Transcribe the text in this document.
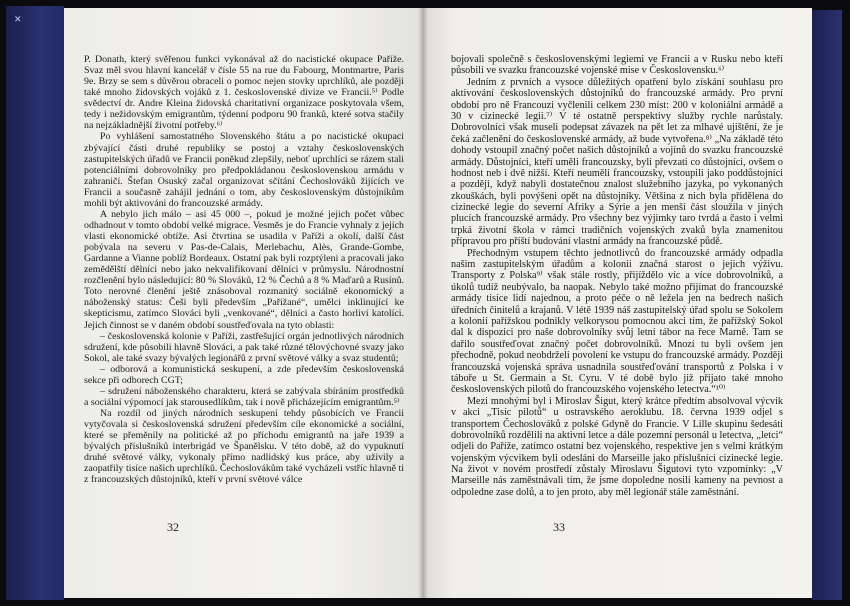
✕

P. Donath, který svěřenou funkci vykonával až do nacistické okupace Paříže. Svaz měl svou hlavní kancelář v čísle 55 na rue du Fabourg, Montmartre, Paris 9e. Brzy se sem s důvěrou obraceli o pomoc nejen stovky uprchlíků, ale později také mnoho židovských vojáků z 1. československé divize ve Francii.⁵⁾ Podle svědectví dr. Andre Kleina židovská charitativní organizace poskytovala všem, tedy i nežidovským emigrantům, týdenní podporu 90 franků, které sotva stačily na nejzákladnější životní potřeby.⁶⁾

Po vyhlášení samostatného Slovenského štátu a po nacistické okupaci zbývající části druhé republiky se postoj a vztahy československých zastupitelských úřadů ve Francii poněkud zlepšily, neboť uprchlíci se rázem stali potenciálními dobrovolníky pro předpokládanou československou armádu v zahraničí. Štefan Osuský začal organizovat sčítání Čechoslováků žijících ve Francii a současně zahájil jednání o tom, aby československým důstojníkům mohli být aktivováni do francouzské armády.

A nebylo jich málo – asi 45 000 –, pokud je možné jejich počet vůbec odhadnout v tomto období velké migrace. Vesměs je do Francie vyhnaly z jejich vlasti ekonomické obtíže. Asi čtvrtina se usadila v Paříži a okolí, další část pobývala na severu v Pas-de-Calais, Merlebachu, Alès, Grande-Gombe, Gardanne a Vianne poblíž Bordeaux. Ostatní pak byli rozptýleni a pracovali jako zemědělští dělníci nebo jako nekvalifikovaní dělníci v průmyslu. Národnostní rozčlenění bylo následující: 80 % Slováků, 12 % Čechů a 8 % Maďarů a Rusínů. Toto nerovné členění ještě znásoboval rozmanitý sociálně ekonomický a náboženský status: Češi byli především „Pařížané“, umělci inklinující ke skepticismu, zatímco Slováci byli „venkované“, dělníci a často horliví katolíci. Jejich činnost se v daném období soustřeďovala na tyto oblasti:

– československá kolonie v Paříži, zastřešující orgán jednotlivých národních sdružení, kde působili hlavně Slováci, a pak také různé tělovýchovné svazy jako Sokol, ale také svazy bývalých legionářů z první světové války a svaz studentů;

– odborová a komunistická seskupení, a zde především československá sekce při odborech CGT;

– sdružení náboženského charakteru, která se zabývala sbíráním prostředků a sociální výpomocí jak starousedlíkům, tak i nově přicházejícím emigrantům.⁵⁾

Na rozdíl od jiných národních seskupení tehdy působících ve Francii vytyčovala si československá sdružení především cíle ekonomické a sociální, které se přeměnily na politické až po příchodu emigrantů na jaře 1939 a bývalých příslušníků interbrigád ve Španělsku. V této době, až do vypuknutí druhé světové války, vykonaly přímo nadlidský kus práce, aby uživily a zaopatřily tisíce našich uprchlíků. Čechoslovákům také vycházeli vstříc hlavně ti z francouzských důstojníků, kteří v první světové válce

32

bojovali společně s československými legiemi ve Francii a v Rusku nebo kteří působili ve svazku francouzské vojenské mise v Československu.⁶⁾

Jedním z prvních a vysoce důležitých opatření bylo získání souhlasu pro aktivování československých důstojníků do francouzské armády. Pro první období pro ně Francouzi vyčlenili celkem 230 míst: 200 v koloniální armádě a 30 v cizinecké legii.⁷⁾ V té ostatně perspektivy služby rychle narůstaly. Dobrovolníci však museli podepsat závazek na pět let za mlhavé ujištění, že je čeká začlenění do československé armády, až bude vytvořena.⁸⁾ „Na základě této dohody vstoupil značný počet našich důstojníků a vojínů do svazku francouzské armády. Důstojníci, kteří uměli francouzsky, byli převzati co důstojníci, ovšem o hodnost neb i dvě nižší. Kteří neuměli francouzsky, vstoupili jako poddůstojníci a později, když nabyli dostatečnou znalost služebního jazyka, po vykonaných zkouškách, byli povýšeni opět na důstojníky. Většina z nich byla přidělena do cizinecké legie do severní Afriky a Sýrie a jen menší část sloužila v jiných plucích francouzské armády. Pro všechny bez výjimky taro tvrdá a často i velmi trpká životní škola v rámci tradičních vojenských zvaků byla znamenitou přípravou pro příští budování vlastní armády na francouzské půdě.

Přechodným vstupem těchto jednotlivců do francouzské armády odpadla našim zastupitelským úřadům a kolonii značná starost o jejich výživu. Transporty z Polska⁹⁾ však stále rostly, přijíždělo víc a více dobrovolníků, a úkolů tudíž neubývalo, ba naopak. Nebylo také možno přijímat do francouzské armády tisíce lidí najednou, a proto péče o ně ležela jen na bedrech našich úředních činitelů a krajanů. V létě 1939 náš zastupitelský úřad spolu se Sokolem a kolonií pařížskou podnikly velkorysou pomocnou akci tím, že pařížský Sokol dal k dispozici pro naše dobrovolníky svůj letní tábor na řece Marně. Tam se dařilo soustřeďovat značný počet dobrovolníků. Mnozí tu byli ovšem jen přechodně, pokud neobdrželi povolení ke vstupu do francouzské armády. Později francouzská vojenská správa usnadnila soustřeďování transportů z Polska i v táboře u St. Germain a St. Cyru. V té době bylo již přijato také mnoho československých pilotů do francouzského vojenského letectva.“¹⁰⁾

Mezi mnohými byl i Miroslav Šigut, který krátce předtím absolvoval výcvik v akci „Tisíc pilotů“ u ostravského aeroklubu. 18. června 1939 odjel s transportem Čechoslováků z polské Gdyně do Francie. V Lille skupinu šedesáti dobrovolníků rozdělili na aktivní letce a dále pozemní personál u letectva, „letci“ odjeli do Paříže, zatímco ostatní bez vojenského, respektive jen s velmi krátkým vojenským výcvikem byli odesláni do Marseille jako příslušníci cizinecké legie. Na život v novém prostředí zůstaly Miroslavu Šigutovi tyto vzpomínky: „V Marseille nás zaměstnávali tím, že jsme dopoledne nosili kameny na pevnost a odpoledne zase dolů, a to jen proto, aby měl legionář stále zaměstnání.

33
